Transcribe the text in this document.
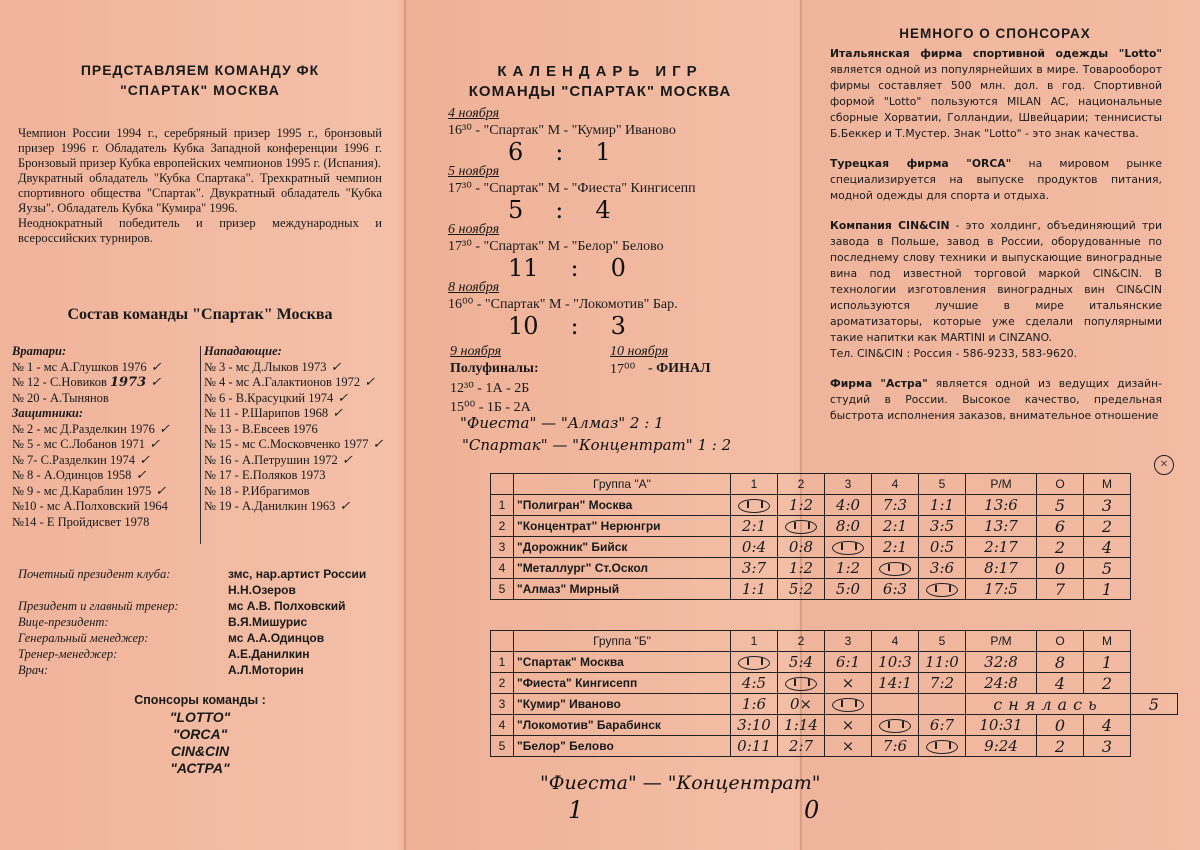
ПРЕДСТАВЛЯЕМ КОМАНДУ ФК
"СПАРТАК" МОСКВА
Чемпион России 1994 г., серебряный призер 1995 г., бронзовый призер 1996 г. Обладатель Кубка Западной конференции 1996 г. Бронзовый призер Кубка европейских чемпионов 1995 г. (Испания).
Двукратный обладатель "Кубка Спартака". Трехкратный чемпион спортивного общества "Спартак". Двукратный обладатель "Кубка Яузы". Обладатель Кубка "Кумира" 1996.
Неоднократный победитель и призер международных и всероссийских турниров.
Состав команды "Спартак" Москва
Вратари:
№ 1 - мс А.Глушков 1976 ✓
№ 12 - С.Новиков 1973 ✓
№ 20 - А.Тынянов
Защитники:
№ 2 - мс Д.Разделкин 1976 ✓
№ 5 - мс С.Лобанов 1971 ✓
№ 7- С.Разделкин 1974 ✓
№ 8 - А.Одинцов 1958 ✓
№ 9 - мс Д.Караблин 1975 ✓
№10 - мс А.Полховский 1964
№14 - Е Пройдисвет 1978
Нападающие:
№ 3 - мс Д.Лыков 1973 ✓
№ 4 - мс А.Галактионов 1972 ✓
№ 6 - В.Красуцкий 1974 ✓
№ 11 - Р.Шарипов 1968 ✓
№ 13 - В.Евсеев 1976
№ 15 - мс С.Московченко 1977 ✓
№ 16 - А.Петрушин 1972 ✓
№ 17 - Е.Поляков 1973
№ 18 - Р.Ибрагимов
№ 19 - А.Данилкин 1963 ✓
Почетный президент клуба:	змс, нар.артист России
	Н.Н.Озеров
Президент и главный тренер:	мс А.В. Полховский
Вице-президент:	В.Я.Мишурис
Генеральный менеджер:	мс А.А.Одинцов
Тренер-менеджер:	А.Е.Данилкин
Врач:	А.Л.Моторин
Спонсоры команды :
"LOTTO"
"ORCA"
CIN&CIN
"АСТРА"
КАЛЕНДАРЬ ИГР
КОМАНДЫ "СПАРТАК" МОСКВА
4 ноября
16³⁰ - "Спартак" М - "Кумир" Иваново
6 : 1
5 ноября
17³⁰ - "Спартак" М - "Фиеста" Кингисепп
5 : 4
6 ноября
17³⁰ - "Спартак" М - "Белор" Белово
11 : 0
8 ноября
16⁰⁰ - "Спартак" М - "Локомотив" Бар.
10 : 3
9 ноября	10 ноября
Полуфиналы:	17⁰⁰ - ФИНАЛ
12³⁰ - 1А - 2Б
15⁰⁰ - 1Б - 2А
"Фиеста" — "Алмаз" 2 : 1
"Спартак" — "Концентрат" 1 : 2
НЕМНОГО О СПОНСОРАХ
Итальянская фирма спортивной одежды "Lotto" является одной из популярнейших в мире. Товарооборот фирмы составляет 500 млн. дол. в год. Спортивной формой "Lotto" пользуются MILAN AC, национальные сборные Хорватии, Голландии, Швейцарии; теннисисты Б.Беккер и Т.Мустер. Знак "Lotto" - это знак качества.
Турецкая фирма "ORCA" на мировом рынке специализируется на выпуске продуктов питания, модной одежды для спорта и отдыха.
Компания CIN&CIN - это холдинг, объединяющий три завода в Польше, завод в России, оборудованные по последнему слову техники и выпускающие виноградные вина под известной торговой маркой CIN&CIN. В технологии изготовления виноградных вин CIN&CIN используются лучшие в мире итальянские ароматизаторы, которые уже сделали популярными такие напитки как MARTINI и CINZANO.
Тел. CIN&CIN : Россия - 586-9233, 583-9620.
Фирма "Астра" является одной из ведущих дизайн-студий в России. Высокое качество, предельная быстрота исполнения заказов, внимательное отношение
	Группа "А"	1	2	3	4	5	Р/М	О	М
1	"Полигран" Москва		1:2	4:0	7:3	1:1	13:6	5	3
2	"Концентрат" Нерюнгри	2:1		8:0	2:1	3:5	13:7	6	2
3	"Дорожник" Бийск	0:4	0:8		2:1	0:5	2:17	2	4
4	"Металлург" Ст.Оскол	3:7	1:2	1:2		3:6	8:17	0	5
5	"Алмаз" Мирный	1:1	5:2	5:0	6:3		17:5	7	1
×
	Группа "Б"	1	2	3	4	5	Р/М	О	М	
1	"Спартак" Москва		5:4	6:1	10:3	11:0	32:8	8	1	
2	"Фиеста" Кингисепп	4:5		×	14:1	7:2	24:8	4	2	
3	"Кумир" Иваново	1:6	0×				снялась			5
4	"Локомотив" Барабинск	3:10	1:14	×		6:7	10:31	0	4	
5	"Белор" Белово	0:11	2:7	×	7:6		9:24	2	3	
"Фиеста" — "Концентрат"
1	0
